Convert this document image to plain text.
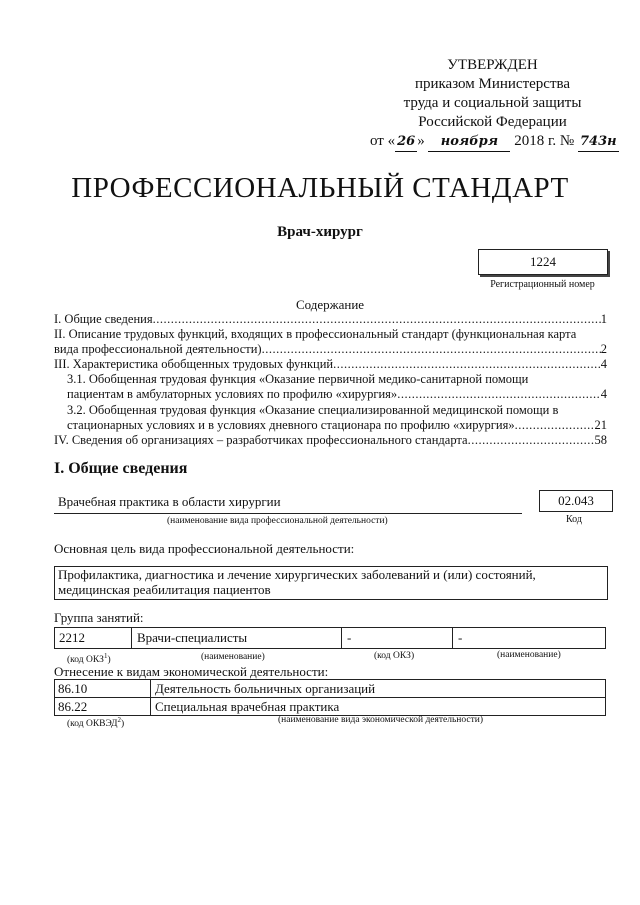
УТВЕРЖДЕН
приказом Министерства
труда и социальной защиты
Российской Федерации
от « 26 » ноября 2018 г. № 743н
ПРОФЕССИОНАЛЬНЫЙ СТАНДАРТ
Врач-хирург
1224
Регистрационный номер
Содержание
I. Общие сведения .....	1
II. Описание трудовых функций, входящих в профессиональный стандарт (функциональная карта
вида профессиональной деятельности) .....	2
III. Характеристика обобщенных трудовых функций .....	4
3.1. Обобщенная трудовая функция «Оказание первичной медико-санитарной помощи
пациентам в амбулаторных условиях по профилю «хирургия» .....	4
3.2. Обобщенная трудовая функция «Оказание специализированной медицинской помощи в
стационарных условиях и в условиях дневного стационара по профилю «хирургия» .....	21
IV. Сведения об организациях – разработчиках профессионального стандарта .....	58
I. Общие сведения
Врачебная практика в области хирургии	02.043
(наименование вида профессиональной деятельности)	Код
Основная цель вида профессиональной деятельности:
Профилактика, диагностика и лечение хирургических заболеваний и (или) состояний,
медицинская реабилитация пациентов
Группа занятий:
2212	Врачи-специалисты	-	-
(код ОКЗ$^1$)	(наименование)	(код ОКЗ)	(наименование)
Отнесение к видам экономической деятельности:
86.10	Деятельность больничных организаций
86.22	Специальная врачебная практика
(код ОКВЭД$^2$)	(наименование вида экономической деятельности)
